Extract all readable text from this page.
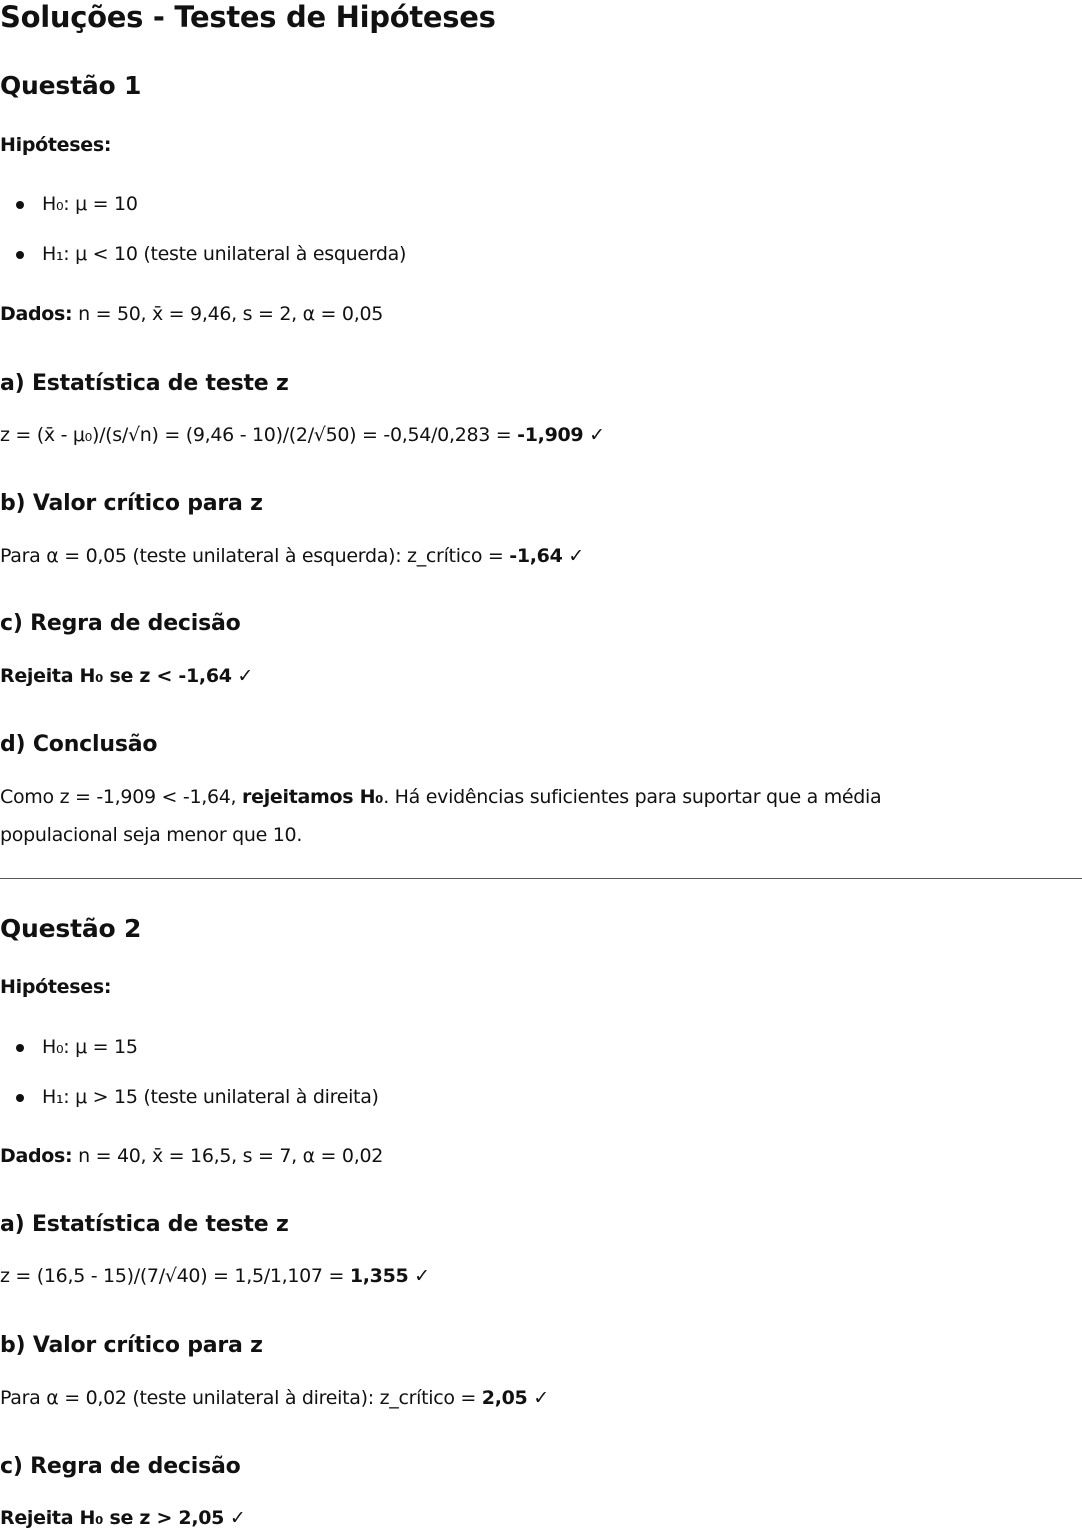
Soluções - Testes de Hipóteses
Questão 1

Hipóteses:

H₀: μ = 10
H₁: μ < 10 (teste unilateral à esquerda)

Dados: n = 50, x̄ = 9,46, s = 2, α = 0,05

a) Estatística de teste z

z = (x̄ - μ₀)/(s/√n) = (9,46 - 10)/(2/√50) = -0,54/0,283 = -1,909 ✓

b) Valor crítico para z

Para α = 0,05 (teste unilateral à esquerda): z_crítico = -1,64 ✓

c) Regra de decisão

Rejeita H₀ se z < -1,64 ✓

d) Conclusão

Como z = -1,909 < -1,64, rejeitamos H₀. Há evidências suficientes para suportar que a média populacional seja menor que 10.

Questão 2

Hipóteses:

H₀: μ = 15
H₁: μ > 15 (teste unilateral à direita)

Dados: n = 40, x̄ = 16,5, s = 7, α = 0,02

a) Estatística de teste z

z = (16,5 - 15)/(7/√40) = 1,5/1,107 = 1,355 ✓

b) Valor crítico para z

Para α = 0,02 (teste unilateral à direita): z_crítico = 2,05 ✓

c) Regra de decisão

Rejeita H₀ se z > 2,05 ✓
